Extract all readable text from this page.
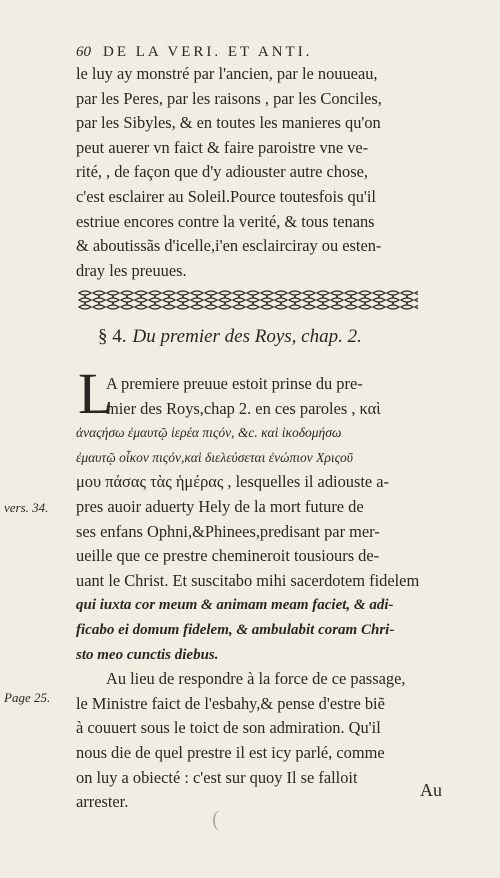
60 DE LA VERI. ET ANTI.
le luy ay monstré par l'ancien, par le nouueau,
par les Peres, par les raisons , par les Conciles,
par les Sibyles, & en toutes les manieres qu'on
peut auerer vn faict & faire paroistre vne ve-
rité, , de façon que d'y adiouster autre chose,
c'est esclairer au Soleil.Pource toutesfois qu'il
estriue encores contre la verité, & tous tenans
& aboutissãs d'icelle,i'en esclairciray ou esten-
dray les preuues.
§ 4. Du premier des Roys, chap. 2.
L
A premiere preuue estoit prinse du pre-
mier des Roys,chap 2. en ces paroles , καὶ
ἀναςήσω ἐμαυτῷ ἱερέα πιςόν, &c. καὶ ἰκοδομήσω
ἐμαυτῷ οἶκον πιςόν,καὶ διελεύσεται ἐνώπιον Χριςοῦ
μου πάσας τὰς ἡμέρας , lesquelles il adiouste a-
pres auoir aduerty Hely de la mort future de
ses enfans Ophni,&Phinees,predisant par mer-
ueille que ce prestre chemineroit tousiours de-
uant le Christ. Et suscitabo mihi sacerdotem fidelem
qui iuxta cor meum & animam meam faciet, & adi-
ficabo ei domum fidelem, & ambulabit coram Chri-
sto meo cunctis diebus.
Au lieu de respondre à la force de ce passage,
le Ministre faict de l'esbahy,& pense d'estre biẽ
à couuert sous le toict de son admiration. Qu'il
nous die de quel prestre il est icy parlé, comme
on luy a obiecté : c'est sur quoy Il se falloit
arrester.
vers. 34.
Page 25.
Au
(
